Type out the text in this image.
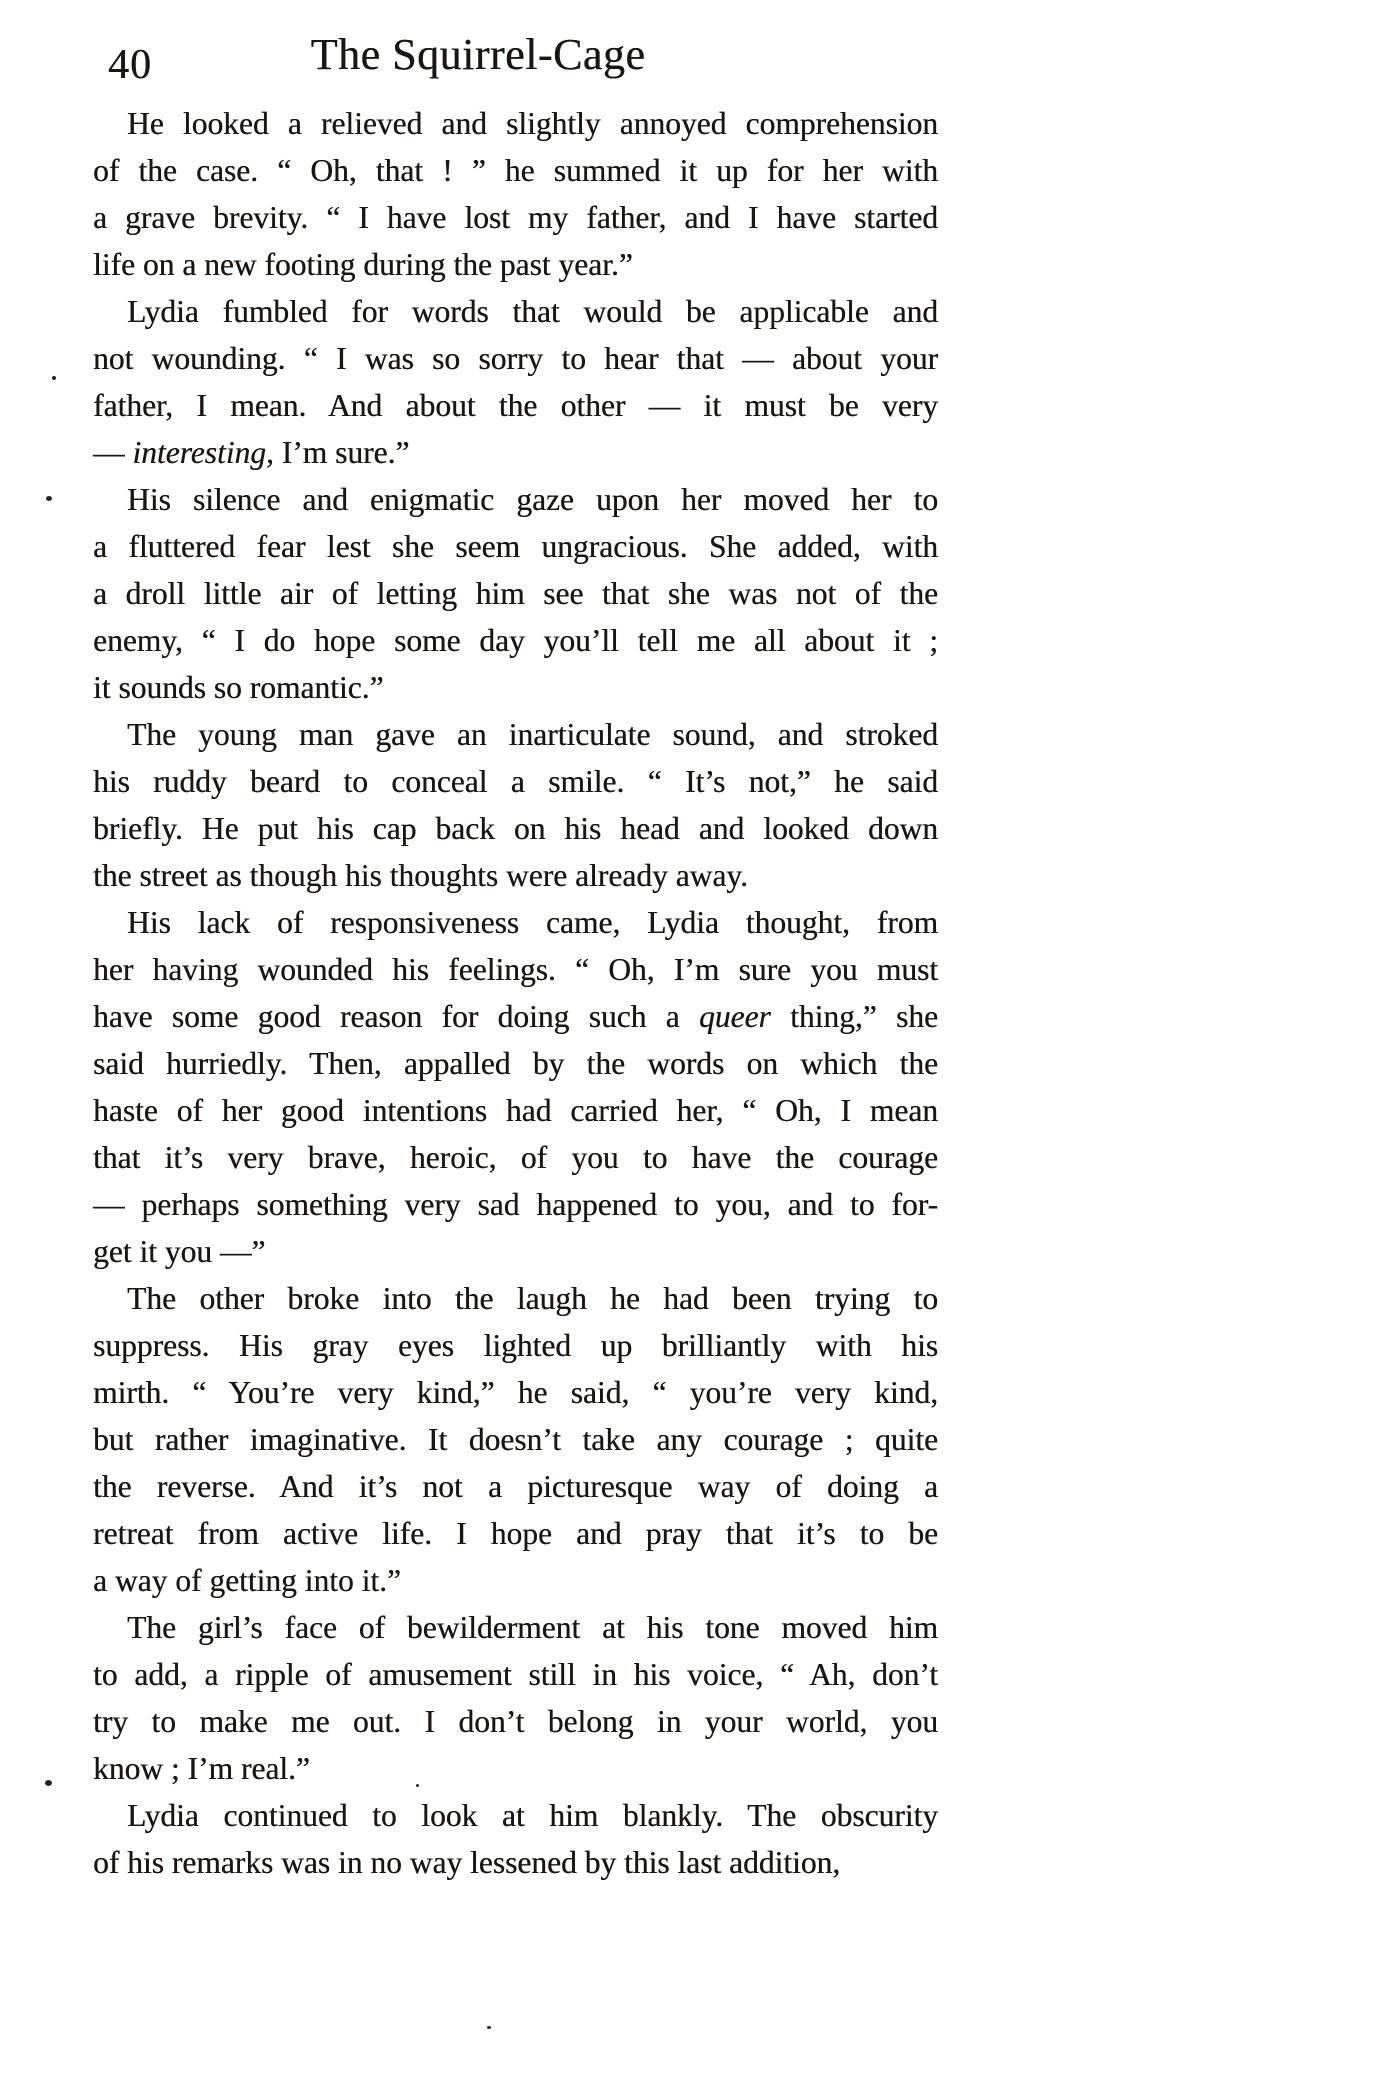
40	The Squirrel-Cage
He looked a relieved and slightly annoyed comprehension
of the case. “ Oh, that ! ” he summed it up for her with
a grave brevity. “ I have lost my father, and I have started
life on a new footing during the past year.”
Lydia fumbled for words that would be applicable and
not wounding. “ I was so sorry to hear that — about your
father, I mean. And about the other — it must be very
— interesting, I’m sure.”
His silence and enigmatic gaze upon her moved her to
a fluttered fear lest she seem ungracious. She added, with
a droll little air of letting him see that she was not of the
enemy, “ I do hope some day you’ll tell me all about it ;
it sounds so romantic.”
The young man gave an inarticulate sound, and stroked
his ruddy beard to conceal a smile. “ It’s not,” he said
briefly. He put his cap back on his head and looked down
the street as though his thoughts were already away.
His lack of responsiveness came, Lydia thought, from
her having wounded his feelings. “ Oh, I’m sure you must
have some good reason for doing such a queer thing,” she
said hurriedly. Then, appalled by the words on which the
haste of her good intentions had carried her, “ Oh, I mean
that it’s very brave, heroic, of you to have the courage
— perhaps something very sad happened to you, and to for-
get it you —”
The other broke into the laugh he had been trying to
suppress. His gray eyes lighted up brilliantly with his
mirth. “ You’re very kind,” he said, “ you’re very kind,
but rather imaginative. It doesn’t take any courage ; quite
the reverse. And it’s not a picturesque way of doing a
retreat from active life. I hope and pray that it’s to be
a way of getting into it.”
The girl’s face of bewilderment at his tone moved him
to add, a ripple of amusement still in his voice, “ Ah, don’t
try to make me out. I don’t belong in your world, you
know ; I’m real.”
Lydia continued to look at him blankly. The obscurity
of his remarks was in no way lessened by this last addition,
